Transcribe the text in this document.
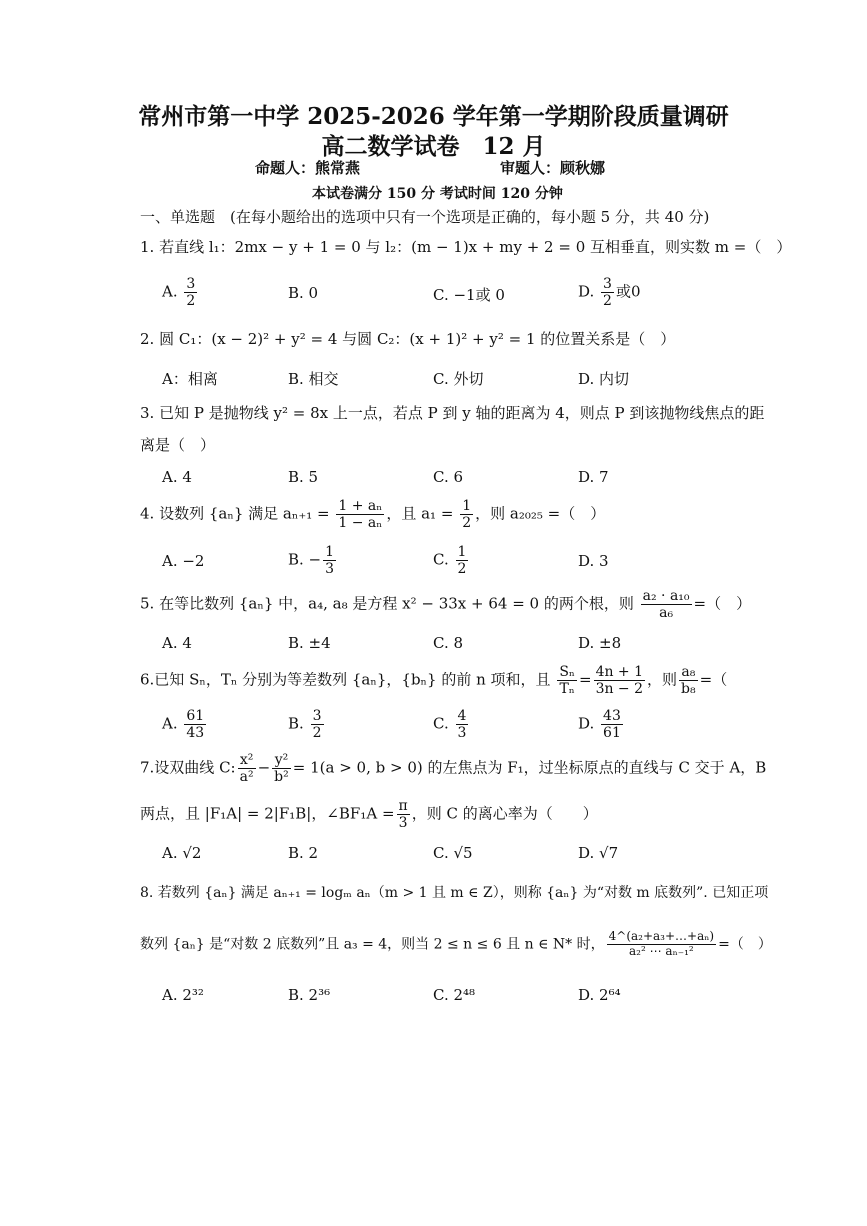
常州市第一中学 2025-2026 学年第一学期阶段质量调研
高二数学试卷　12 月
命题人：熊常燕	审题人：顾秋娜
本试卷满分 150 分 考试时间 120 分钟
一、单选题　(在每小题给出的选项中只有一个选项是正确的，每小题 5 分，共 40 分)
1. 若直线 l₁：2mx − y + 1 = 0 与 l₂：(m − 1)x + my + 2 = 0 互相垂直，则实数 m =（　）
A. $\frac{3}{2}$	B. 0	C. −1或 0	D. $\frac{3}{2}$ 或0
2. 圆 C₁：(x − 2)² + y² = 4 与圆 C₂：(x + 1)² + y² = 1 的位置关系是（　）
A：相离	B. 相交	C. 外切	D. 内切
3. 已知 P 是抛物线 y² = 8x 上一点，若点 P 到 y 轴的距离为 4，则点 P 到该抛物线焦点的距
离是（　）
A. 4	B. 5	C. 6	D. 7
4. 设数列 {aₙ} 满足 $a_{n+1} = \frac{\text{1 + aₙ}}{\text{1 − aₙ}}$ ，且 $a_1 = \frac{1}{2}$ ，则 a₂₀₂₅ =（　）
A. −2	B. − $\frac{1}{3}$	C. $\frac{1}{2}$	D. 3
5. 在等比数列 {aₙ} 中，a₄, a₈ 是方程 x² − 33x + 64 = 0 的两个根，则 $\frac{\text{a₂ · a₁₀}}{\text{a₆}}$ =（　）
A. 4	B. ±4	C. 8	D. ±8
6.已知 Sₙ，Tₙ 分别为等差数列 {aₙ}，{bₙ} 的前 n 项和，且 $\frac{\text{Sₙ}}{\text{Tₙ}} = \frac{4n + 1}{3n - 2}$ ，则 $\frac{\text{a₈}}{\text{b₈}}$ =（
A. $\frac{61}{43}$	B. $\frac{3}{2}$	C. $\frac{4}{3}$	D. $\frac{43}{61}$
7.设双曲线 C: $\frac{\text{x²}}{\text{a²}} - \frac{\text{y²}}{\text{b²}} = 1(a > 0$, b > 0) 的左焦点为 F₁，过坐标原点的直线与 C 交于 A，B
两点，且 |F₁A| = 2|F₁B|，∠BF₁A = $\frac{\pi}{3}$ ，则 C 的离心率为（　　）
A. √2	B. 2	C. √5	D. √7
8. 若数列 {aₙ} 满足 aₙ₊₁ = logₘ aₙ（m > 1 且 m ∈ Z），则称 {aₙ} 为“对数 m 底数列”. 已知正项
数列 {aₙ} 是“对数 2 底数列”且 a₃ = 4，则当 2 ≤ n ≤ 6 且 n ∈ N* 时， $\frac{\text{4\textasciicircum{}(a₂+a₃+…+aₙ)}}{\text{a₂² ⋯ aₙ₋₁²}}$ =（　）
A. 2³²	B. 2³⁶	C. 2⁴⁸	D. 2⁶⁴
